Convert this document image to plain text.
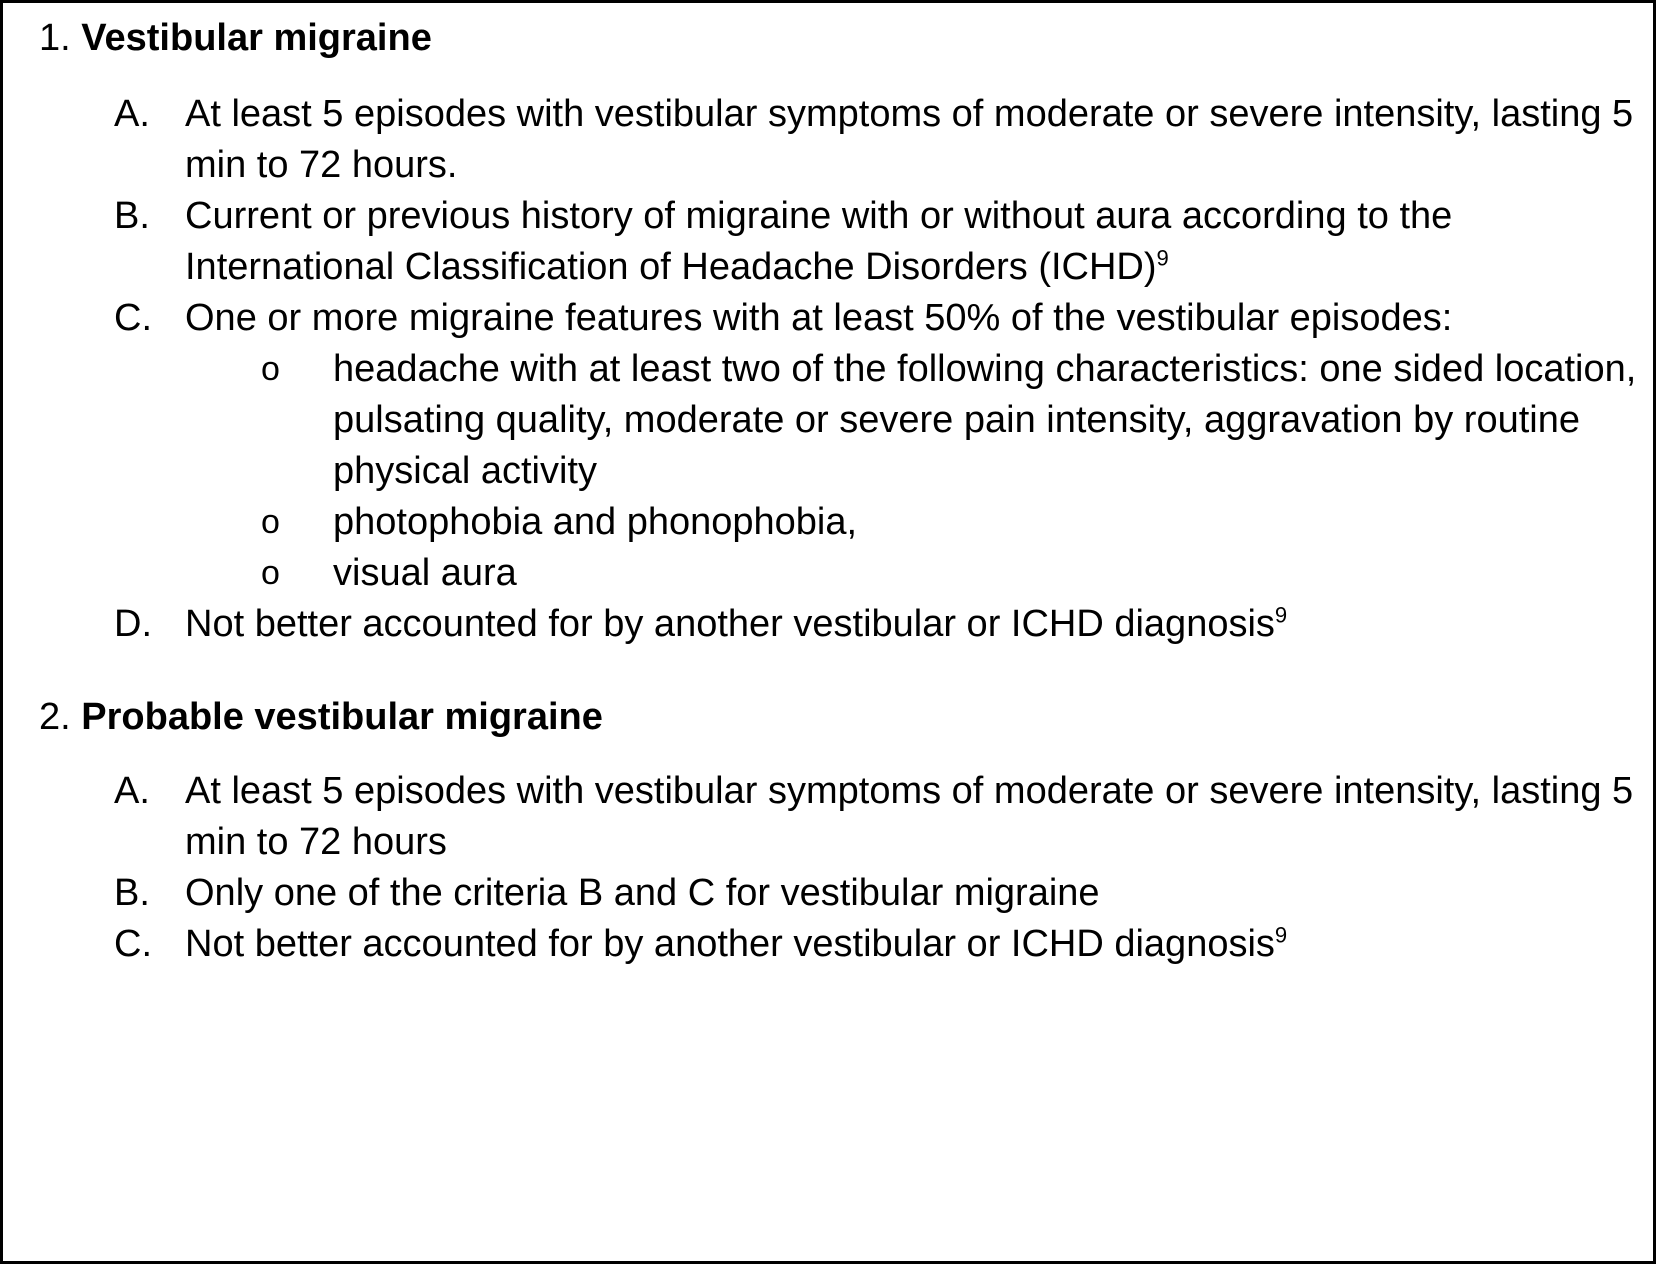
1. Vestibular migraine
A. At least 5 episodes with vestibular symptoms of moderate or severe intensity, lasting 5 min to 72 hours.
B. Current or previous history of migraine with or without aura according to the International Classification of Headache Disorders (ICHD)$^9$
C. One or more migraine features with at least 50% of the vestibular episodes:
o headache with at least two of the following characteristics: one sided location, pulsating quality, moderate or severe pain intensity, aggravation by routine physical activity
o photophobia and phonophobia,
o visual aura
D. Not better accounted for by another vestibular or ICHD diagnosis$^9$
2. Probable vestibular migraine
A. At least 5 episodes with vestibular symptoms of moderate or severe intensity, lasting 5 min to 72 hours
B. Only one of the criteria B and C for vestibular migraine
C. Not better accounted for by another vestibular or ICHD diagnosis$^9$
